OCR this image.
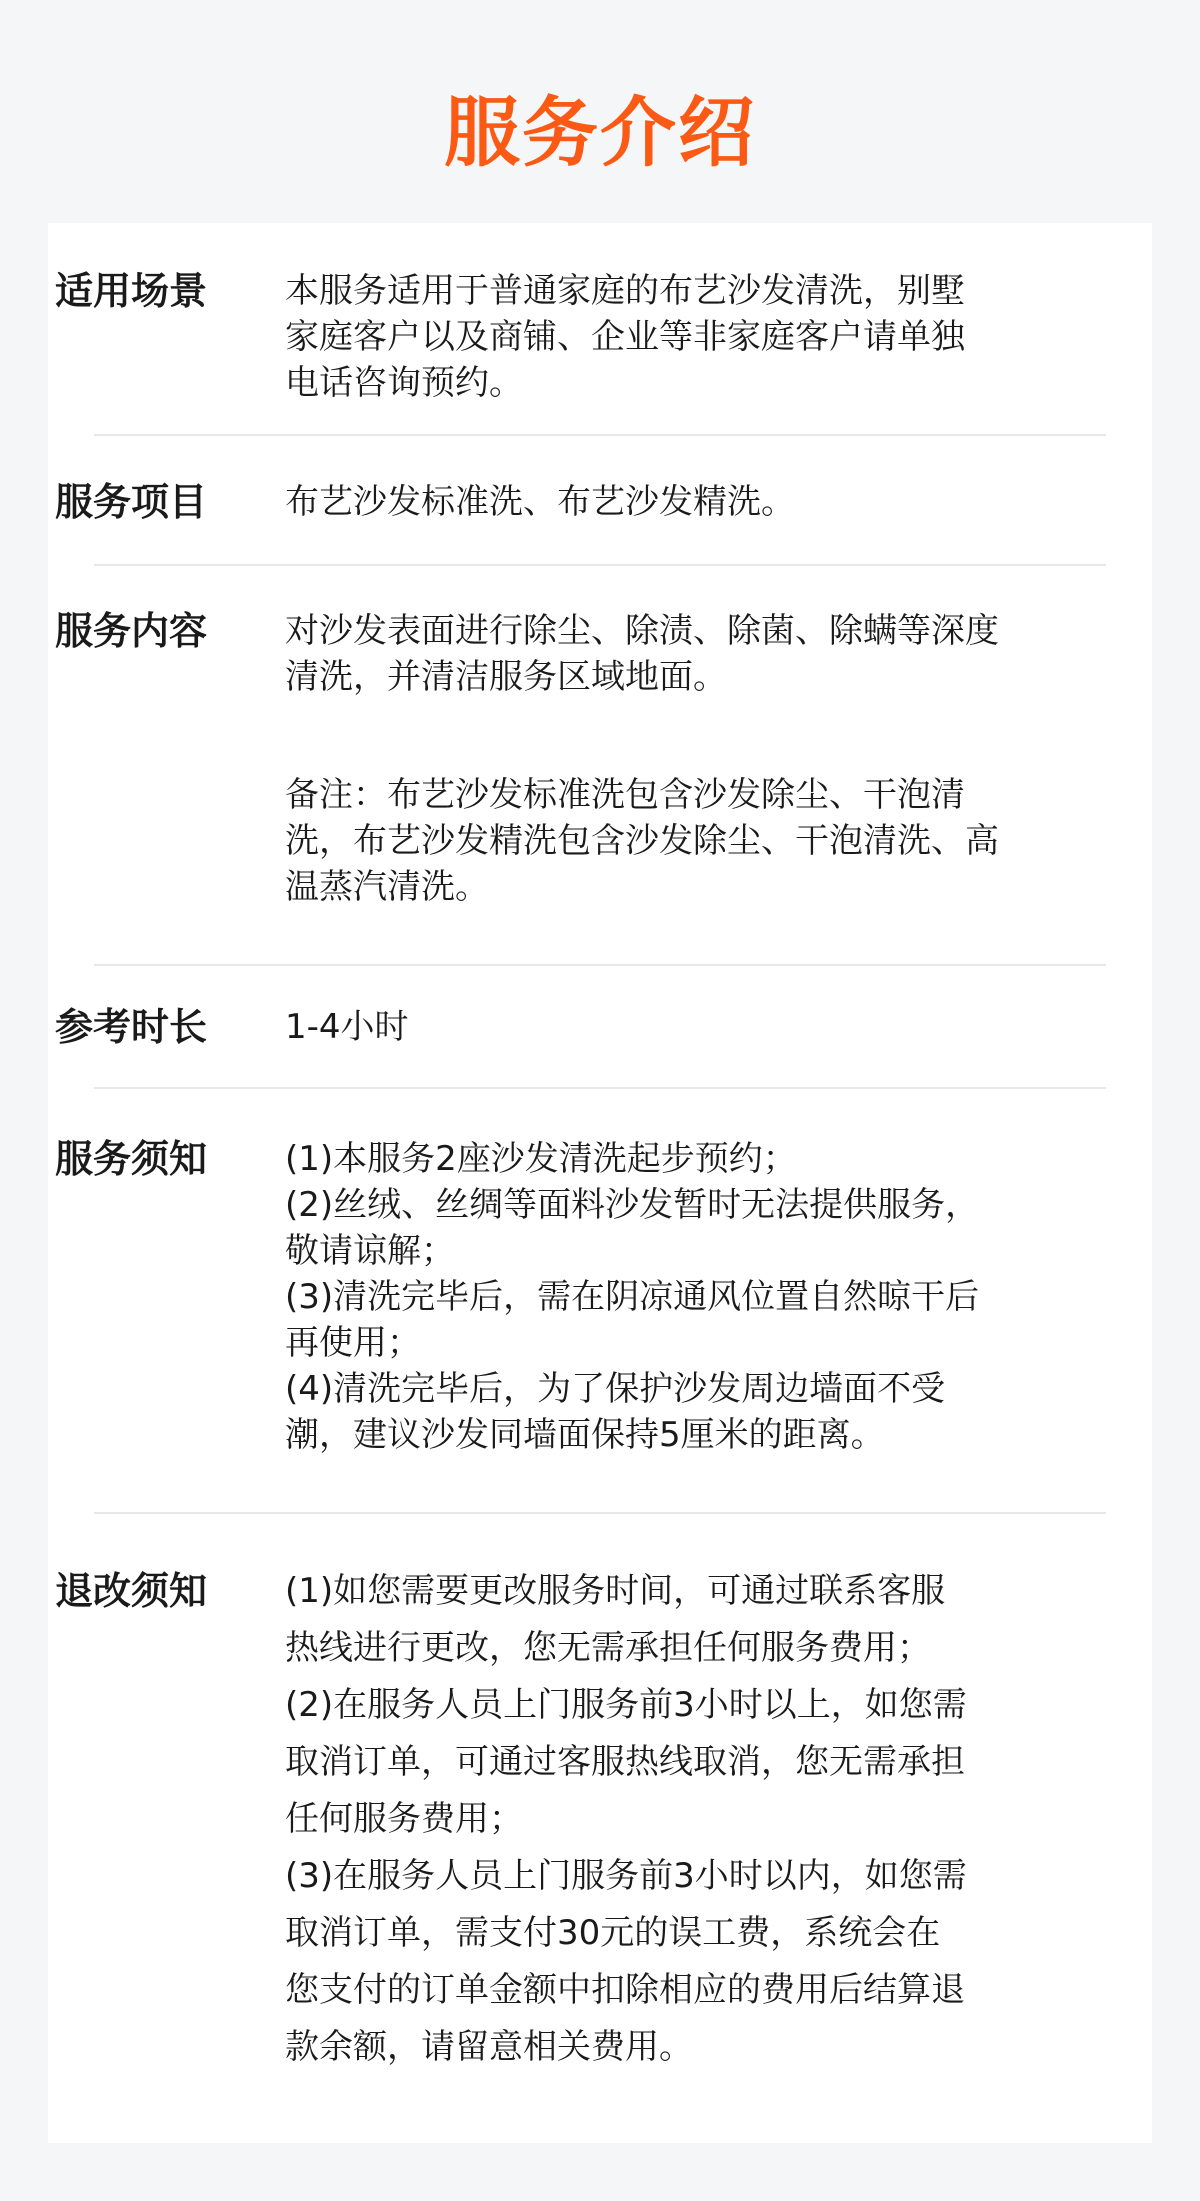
服务介绍
适用场景 本服务适用于普通家庭的布艺沙发清洗，别墅

家庭客户以及商铺、企业等非家庭客户请单独

电话咨询预约。

服务项目 布艺沙发标准洗、布艺沙发精洗。

服务内容 对沙发表面进行除尘、除渍、除菌、除螨等深度

清洗，并清洁服务区域地面。

备注：布艺沙发标准洗包含沙发除尘、干泡清

洗，布艺沙发精洗包含沙发除尘、干泡清洗、高

温蒸汽清洗。

参考时长 1-4小时

服务须知 (1)本服务2座沙发清洗起步预约；

(2)丝绒、丝绸等面料沙发暂时无法提供服务，

敬请谅解；

(3)清洗完毕后，需在阴凉通风位置自然晾干后

再使用；

(4)清洗完毕后，为了保护沙发周边墙面不受

潮，建议沙发同墙面保持5厘米的距离。

退改须知 (1)如您需要更改服务时间，可通过联系客服

热线进行更改，您无需承担任何服务费用；

(2)在服务人员上门服务前3小时以上，如您需

取消订单，可通过客服热线取消，您无需承担

任何服务费用；

(3)在服务人员上门服务前3小时以内，如您需

取消订单，需支付30元的误工费，系统会在

您支付的订单金额中扣除相应的费用后结算退

款余额，请留意相关费用。
